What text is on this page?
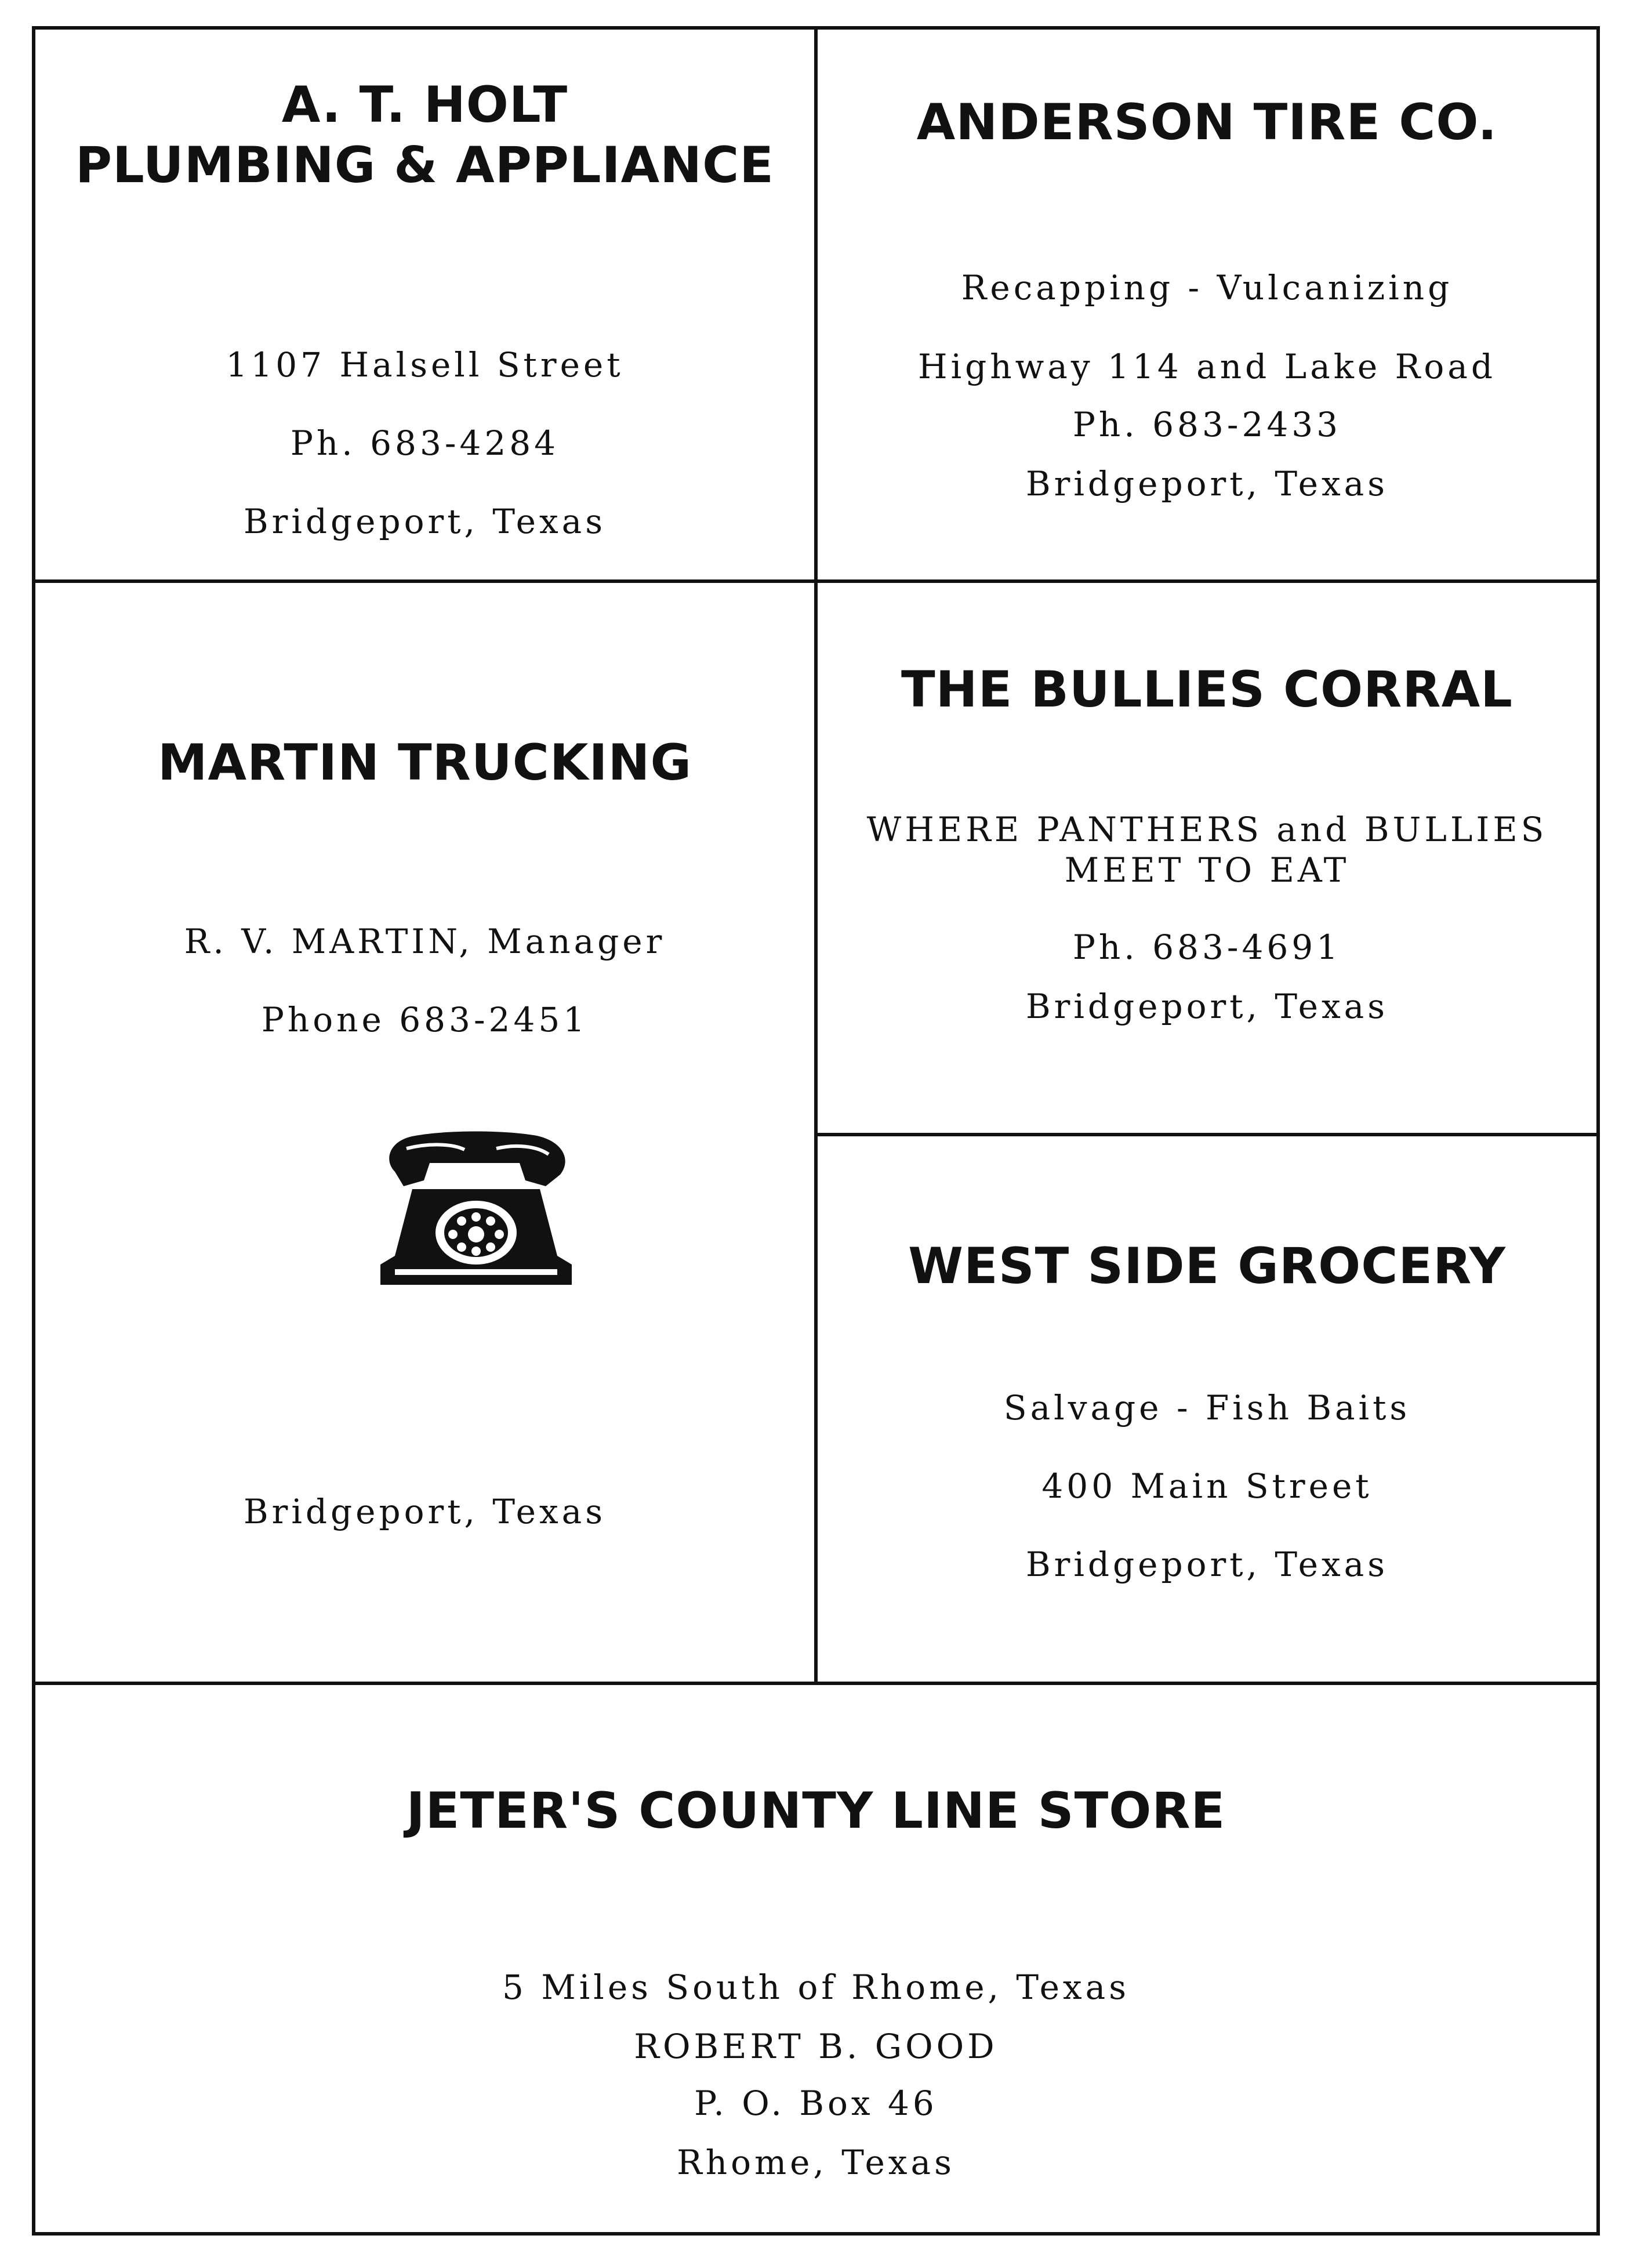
A. T. HOLT
PLUMBING & APPLIANCE
1107 Halsell Street
Ph. 683-4284
Bridgeport, Texas
ANDERSON TIRE CO.
Recapping - Vulcanizing
Highway 114 and Lake Road
Ph. 683-2433
Bridgeport, Texas
MARTIN TRUCKING
R. V. MARTIN, Manager
Phone 683-2451
Bridgeport, Texas
THE BULLIES CORRAL
WHERE PANTHERS and BULLIES
MEET TO EAT
Ph. 683-4691
Bridgeport, Texas
WEST SIDE GROCERY
Salvage - Fish Baits
400 Main Street
Bridgeport, Texas
JETER'S COUNTY LINE STORE
5 Miles South of Rhome, Texas
ROBERT B. GOOD
P. O. Box 46
Rhome, Texas
